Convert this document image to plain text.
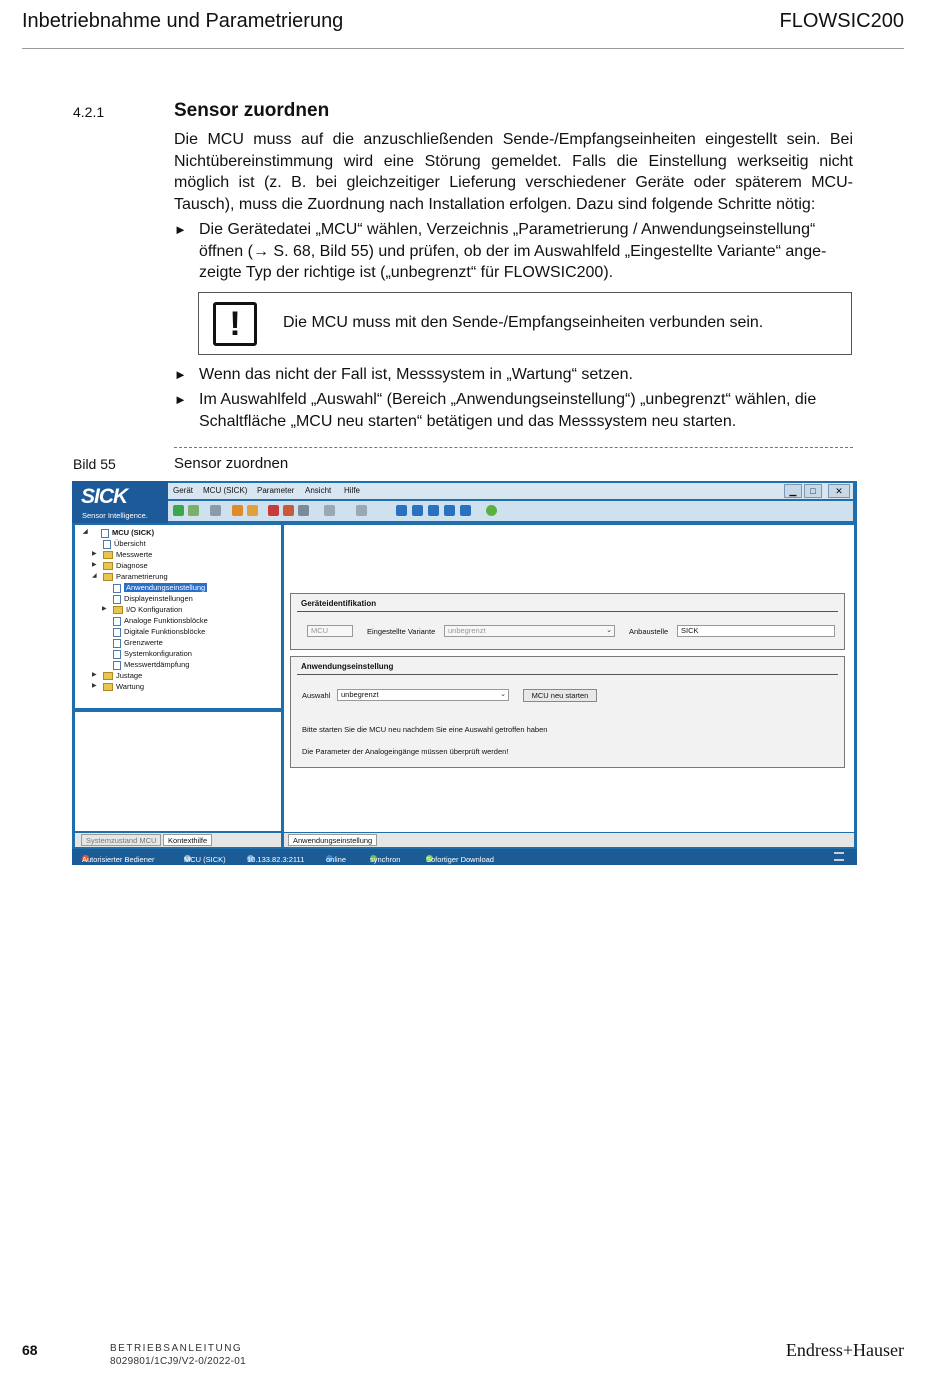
Inbetriebnahme und Parametrierung	FLOWSIC200
4.2.1	Sensor zuordnen
Die MCU muss auf die anzuschließenden Sende-/Empfangseinheiten eingestellt sein. Bei Nichtübereinstimmung wird eine Störung gemeldet. Falls die Einstellung werkseitig nicht möglich ist (z. B. bei gleichzeitiger Lieferung verschiedener Geräte oder späterem MCU-Tausch), muss die Zuordnung nach Installation erfolgen. Dazu sind folgende Schritte nötig:
► Die Gerätedatei „MCU“ wählen, Verzeichnis „Parametrierung / Anwendungseinstellung“ öffnen (→ S. 68, Bild 55) und prüfen, ob der im Auswahlfeld „Eingestellte Variante“ ange-zeigte Typ der richtige ist („unbegrenzt“ für FLOWSIC200).
!	Die MCU muss mit den Sende-/Empfangseinheiten verbunden sein.
► Wenn das nicht der Fall ist, Messsystem in „Wartung“ setzen.
► Im Auswahlfeld „Auswahl“ (Bereich „Anwendungseinstellung“) „unbegrenzt“ wählen, die Schaltfläche „MCU neu starten“ betätigen und das Messsystem neu starten.
Bild 55	Sensor zuordnen
SICK
Sensor Intelligence.
Gerät MCU (SICK) Parameter Ansicht Hilfe	▁	□	✕
◢	MCU (SICK)
Übersicht
▶	Messwerte
▶	Diagnose
◢	Parametrierung
Anwendungseinstellung
Displayeinstellungen
▶	I/O Konfiguration
Analoge Funktionsblöcke
Digitale Funktionsblöcke
Grenzwerte
Systemkonfiguration
Messwertdämpfung
▶	Justage
▶	Wartung
Systemzustand MCU	Kontexthilfe
Geräteidentifikation
MCU	Eingestellte Variante	unbegrenzt	⌄ Anbaustelle	SICK
Anwendungseinstellung
Auswahl	unbegrenzt	⌄	MCU neu starten
Bitte starten Sie die MCU neu nachdem Sie eine Auswahl getroffen haben
Die Parameter der Analogeingänge müssen überprüft werden!
Anwendungseinstellung
Autorisierter Bediener	MCU (SICK)	10.133.82.3:2111	online	synchron	Sofortiger Download
68	BETRIEBSANLEITUNG
8029801/1CJ9/V2-0/2022-01
Endress+Hauser
